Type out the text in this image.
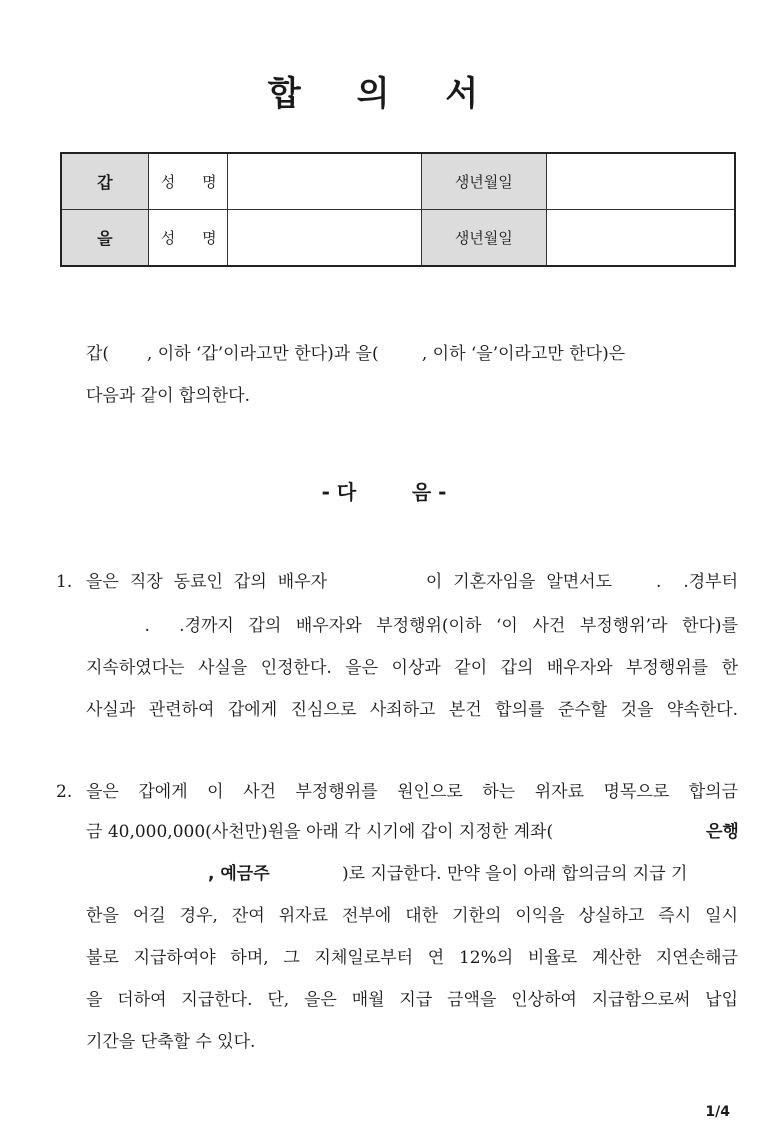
합 의 서
갑	성 명		생년월일	
을	성 명		생년월일	
갑(       , 이하 ‘갑’이라고만 한다)과 을(        , 이하 ‘을’이라고만 한다)은
다음과 같이 합의한다.
- 다        음 -
1. 을은 직장 동료인 갑의 배우자         이 기혼자임을 알면서도    .  .경부터
.  .경까지 갑의 배우자와 부정행위(이하 ‘이 사건 부정행위’라 한다)를
지속하였다는 사실을 인정한다. 을은 이상과 같이 갑의 배우자와 부정행위를 한
사실과 관련하여 갑에게 진심으로 사죄하고 본건 합의를 준수할 것을 약속한다.
2. 을은 갑에게 이 사건 부정행위를 원인으로 하는 위자료 명목으로 합의금
금 40,000,000(사천만)원을 아래 각 시기에 갑이 지정한 계좌(	은행
, 예금주	)로 지급한다. 만약 을이 아래 합의금의 지급 기
한을 어길 경우, 잔여 위자료 전부에 대한 기한의 이익을 상실하고 즉시 일시
불로 지급하여야 하며, 그 지체일로부터 연 12%의 비율로 계산한 지연손해금
을 더하여 지급한다. 단, 을은 매월 지급 금액을 인상하여 지급함으로써 납입
기간을 단축할 수 있다.
1/4
